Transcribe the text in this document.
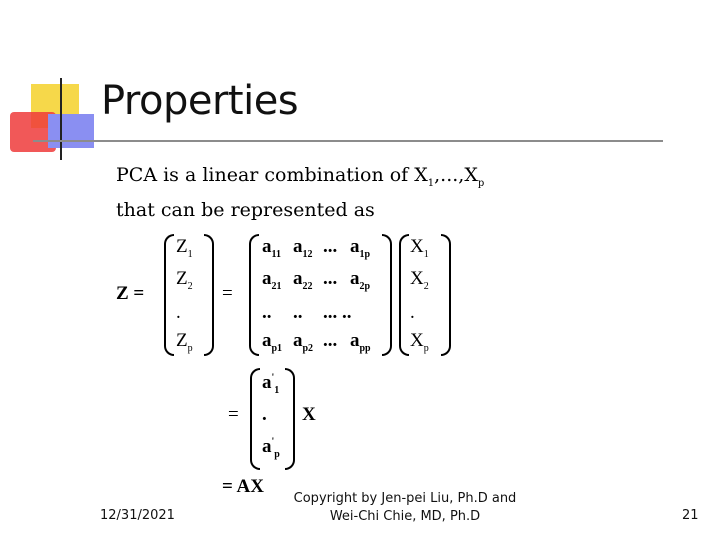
Properties
PCA is a linear combination of $X_1,...,X_p$
that can be represented as
Z =	=
=	X
= AX
12/31/2021
Copyright by Jen-pei Liu, Ph.D and
Wei-Chi Chie, MD, Ph.D	21
$Z_1$
$Z_2$
.
$Z_p$
$X_1$
$X_2$
.
$X_p$
$a_{11}$ $a_{12}$ ... $a_{1p}$
$a_{21}$ $a_{22}$ ... $a_{2p}$
.. .. ... ..
$a_{p1}$ $a_{p2}$ ... $a_{pp}$
$a'_1$
.
$a'_p$
